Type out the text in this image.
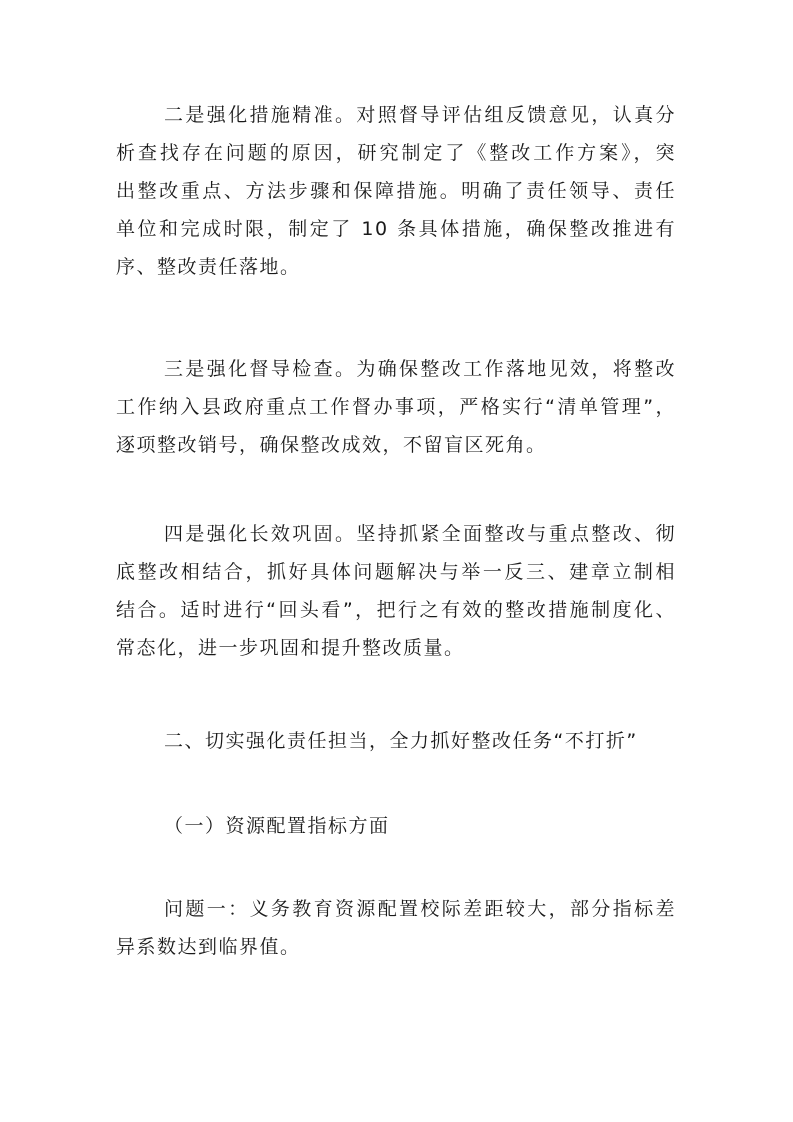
二是强化措施精准。对照督导评估组反馈意见，认真分
析查找存在问题的原因，研究制定了《整改工作方案》，突
出整改重点、方法步骤和保障措施。明确了责任领导、责任
单位和完成时限，制定了 10 条具体措施，确保整改推进有
序、整改责任落地。
三是强化督导检查。为确保整改工作落地见效，将整改
工作纳入县政府重点工作督办事项，严格实行“清单管理”，
逐项整改销号，确保整改成效，不留盲区死角。
四是强化长效巩固。坚持抓紧全面整改与重点整改、彻
底整改相结合，抓好具体问题解决与举一反三、建章立制相
结合。适时进行“回头看”，把行之有效的整改措施制度化、
常态化，进一步巩固和提升整改质量。
二、切实强化责任担当，全力抓好整改任务“不打折”
（一）资源配置指标方面
问题一：义务教育资源配置校际差距较大，部分指标差
异系数达到临界值。
